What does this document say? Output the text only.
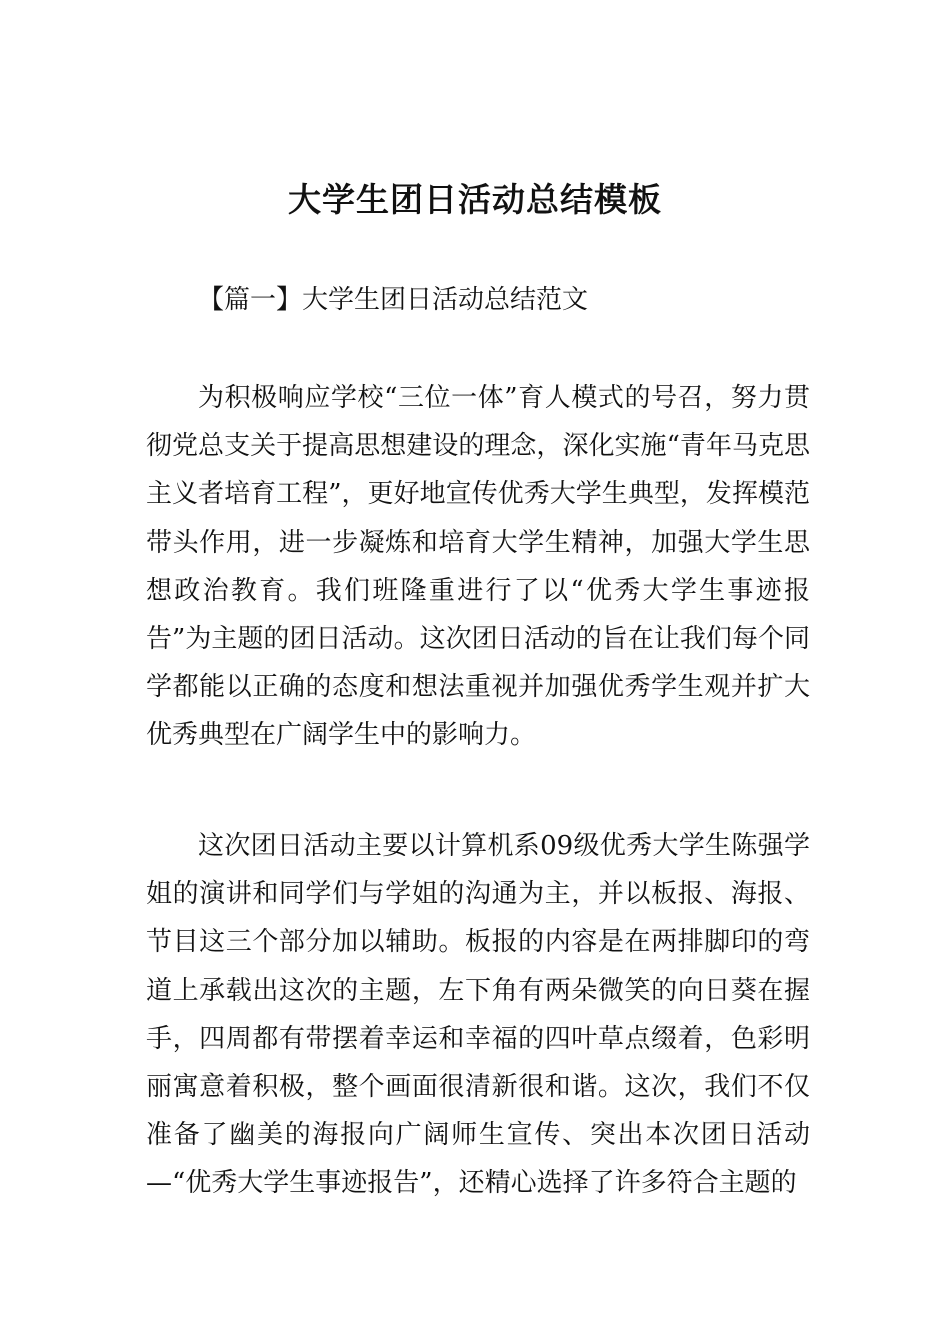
大学生团日活动总结模板
【篇一】大学生团日活动总结范文

为积极响应学校“三位一体”育人模式的号召，努力贯彻党总支关于提高思想建设的理念，深化实施“青年马克思主义者培育工程”，更好地宣传优秀大学生典型，发挥模范带头作用，进一步凝炼和培育大学生精神，加强大学生思想政治教育。我们班隆重进行了以“优秀大学生事迹报告”为主题的团日活动。这次团日活动的旨在让我们每个同学都能以正确的态度和想法重视并加强优秀学生观并扩大优秀典型在广阔学生中的影响力。

这次团日活动主要以计算机系09级优秀大学生陈强学姐的演讲和同学们与学姐的沟通为主，并以板报、海报、节目这三个部分加以辅助。板报的内容是在两排脚印的弯道上承载出这次的主题，左下角有两朵微笑的向日葵在握手，四周都有带摆着幸运和幸福的四叶草点缀着，色彩明丽寓意着积极，整个画面很清新很和谐。这次，我们不仅准备了幽美的海报向广阔师生宣传、突出本次团日活动—“优秀大学生事迹报告”，还精心选择了许多符合主题的
